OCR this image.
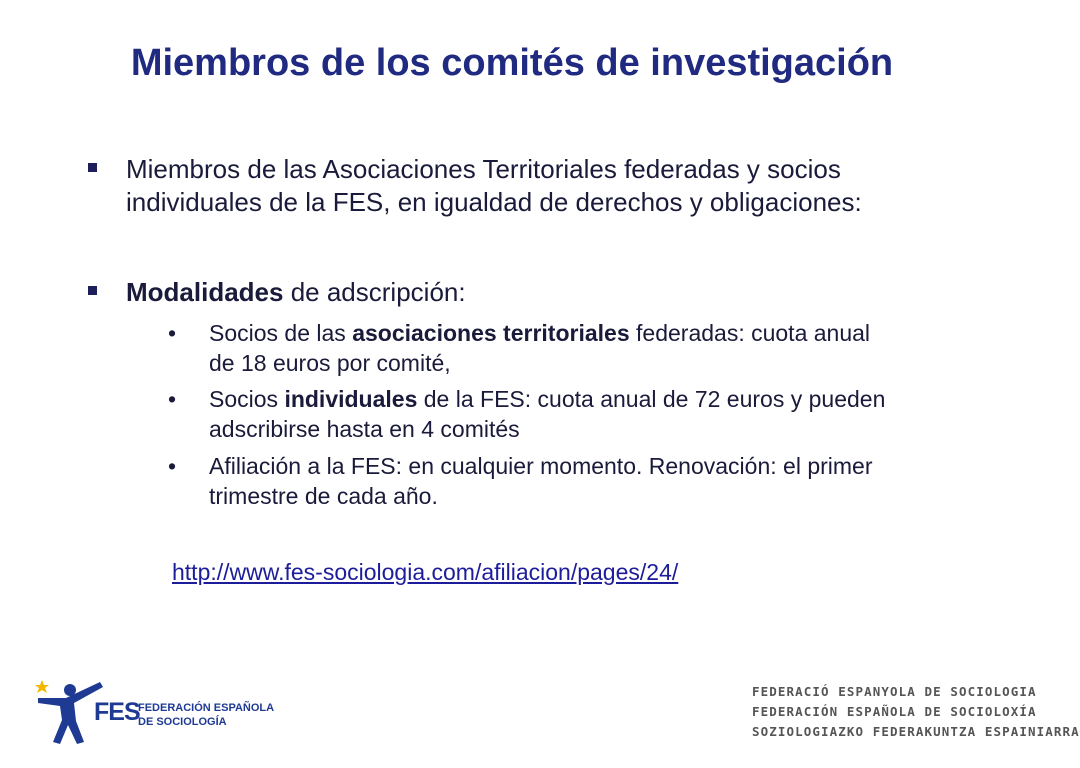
Miembros de los comités de investigación
Miembros de las Asociaciones Territoriales federadas y socios individuales de la FES, en igualdad de derechos y obligaciones:
Modalidades de adscripción:
• Socios de las asociaciones territoriales federadas: cuota anual de 18 euros por comité,
• Socios individuales de la FES: cuota anual de 72 euros y pueden adscribirse hasta en 4 comités
• Afiliación a la FES: en cualquier momento. Renovación: el primer trimestre de cada año.
http://www.fes-sociologia.com/afiliacion/pages/24/
FES
FEDERACIÓN ESPAÑOLA
DE SOCIOLOGÍA
FEDERACIÓ ESPANYOLA DE SOCIOLOGIA
FEDERACIÓN ESPAÑOLA DE SOCIOLOXÍA
SOZIOLOGIAZKO FEDERAKUNTZA ESPAINIARRA
